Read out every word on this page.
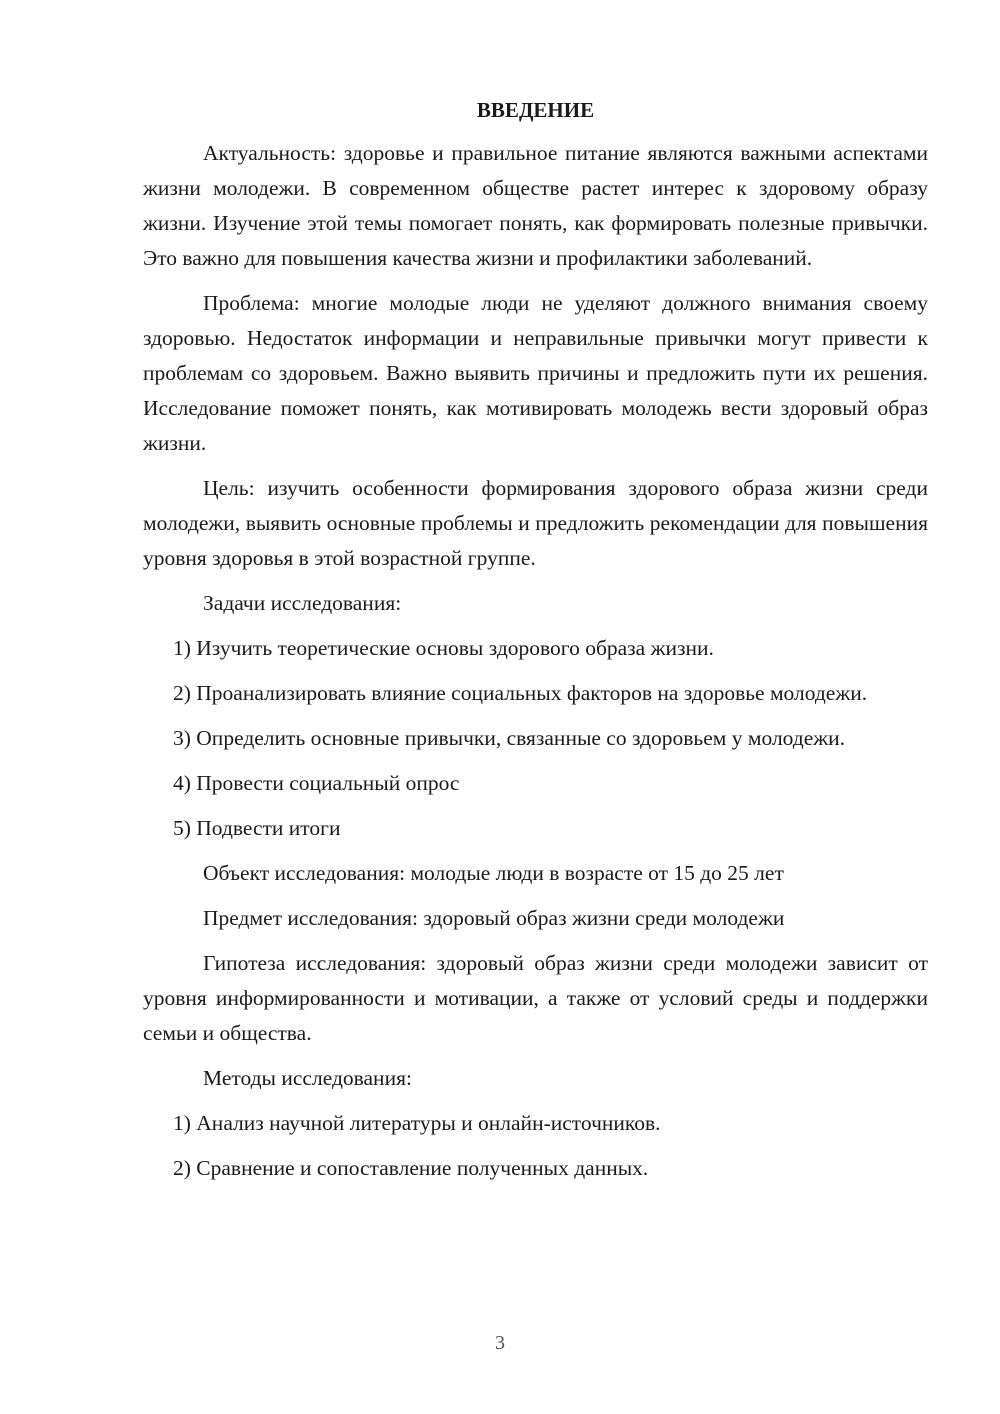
ВВЕДЕНИЕ

Актуальность: здоровье и правильное питание являются важными аспектами жизни молодежи. В современном обществе растет интерес к здоровому образу жизни. Изучение этой темы помогает понять, как формировать полезные привычки. Это важно для повышения качества жизни и профилактики заболеваний.

Проблема: многие молодые люди не уделяют должного внимания своему здоровью. Недостаток информации и неправильные привычки могут привести к проблемам со здоровьем. Важно выявить причины и предложить пути их решения. Исследование поможет понять, как мотивировать молодежь вести здоровый образ жизни.

Цель: изучить особенности формирования здорового образа жизни среди молодежи, выявить основные проблемы и предложить рекомендации для повышения уровня здоровья в этой возрастной группе.

Задачи исследования:

1) Изучить теоретические основы здорового образа жизни.

2) Проанализировать влияние социальных факторов на здоровье молодежи.

3) Определить основные привычки, связанные со здоровьем у молодежи.

4) Провести социальный опрос

5) Подвести итоги

Объект исследования: молодые люди в возрасте от 15 до 25 лет

Предмет исследования: здоровый образ жизни среди молодежи

Гипотеза исследования: здоровый образ жизни среди молодежи зависит от уровня информированности и мотивации, а также от условий среды и поддержки семьи и общества.

Методы исследования:

1) Анализ научной литературы и онлайн-источников.

2) Сравнение и сопоставление полученных данных.

3
